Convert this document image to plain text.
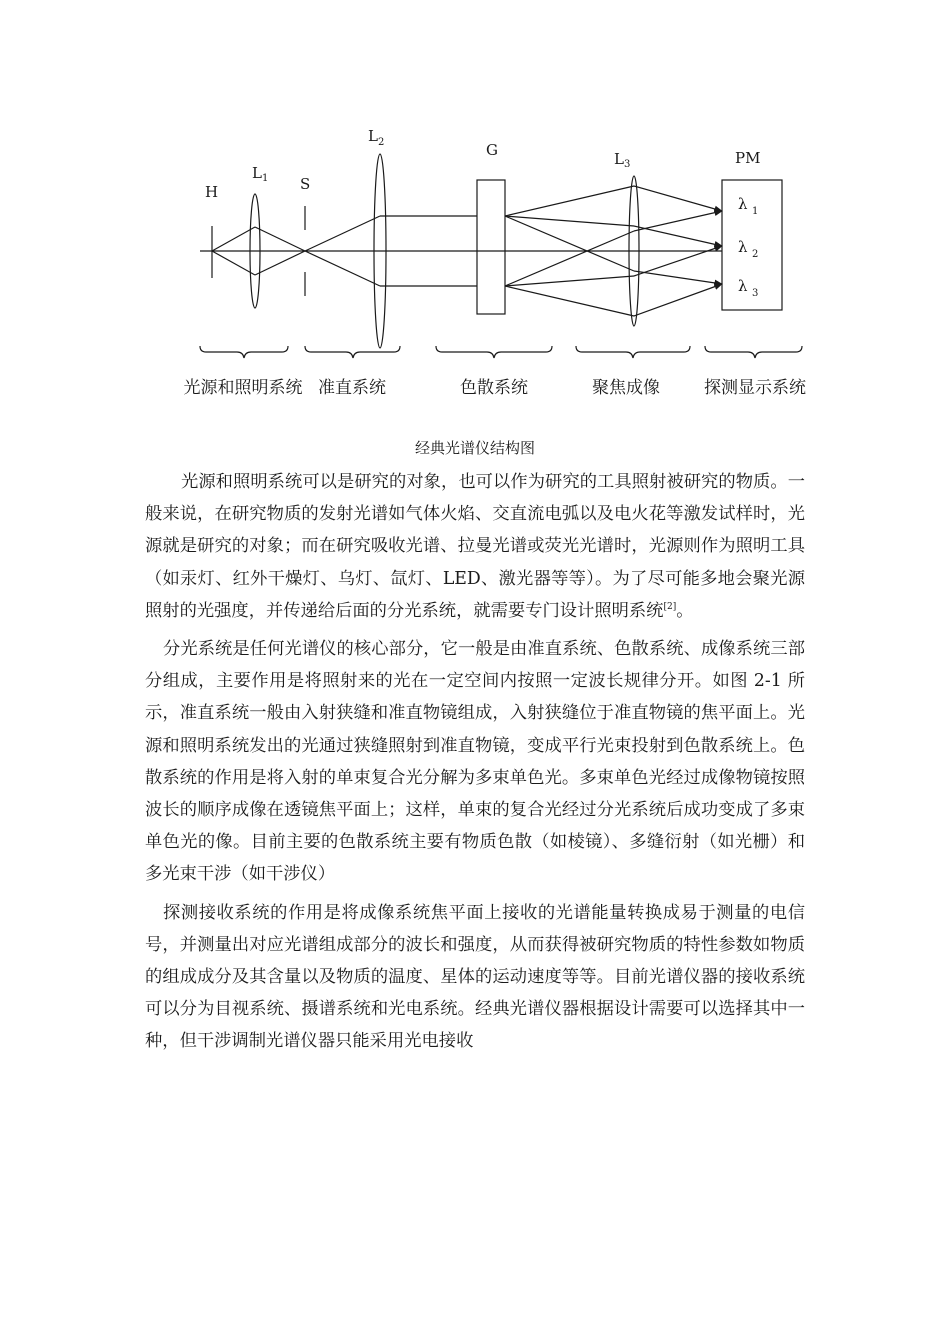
H
L 1 S
L 2	G	L 3	PM
λ 1
λ 2
λ 3
光源和照明系统 准直系统	色散系统	聚焦成像	探测显示系统
经典光谱仪结构图

光源和照明系统可以是研究的对象，也可以作为研究的工具照射被研究的物质。一般来说，在研究物质的发射光谱如气体火焰、交直流电弧以及电火花等激发试样时，光源就是研究的对象；而在研究吸收光谱、拉曼光谱或荧光光谱时，光源则作为照明工具（如汞灯、红外干燥灯、乌灯、氙灯、LED、激光器等等）。为了尽可能多地会聚光源照射的光强度，并传递给后面的分光系统，就需要专门设计照明系统[2]。

分光系统是任何光谱仪的核心部分，它一般是由准直系统、色散系统、成像系统三部分组成，主要作用是将照射来的光在一定空间内按照一定波长规律分开。如图 2-1 所示，准直系统一般由入射狭缝和准直物镜组成，入射狭缝位于准直物镜的焦平面上。光源和照明系统发出的光通过狭缝照射到准直物镜，变成平行光束投射到色散系统上。色散系统的作用是将入射的单束复合光分解为多束单色光。多束单色光经过成像物镜按照波长的顺序成像在透镜焦平面上；这样，单束的复合光经过分光系统后成功变成了多束单色光的像。目前主要的色散系统主要有物质色散（如棱镜）、多缝衍射（如光栅）和多光束干涉（如干涉仪）

探测接收系统的作用是将成像系统焦平面上接收的光谱能量转换成易于测量的电信号，并测量出对应光谱组成部分的波长和强度，从而获得被研究物质的特性参数如物质的组成成分及其含量以及物质的温度、星体的运动速度等等。目前光谱仪器的接收系统可以分为目视系统、摄谱系统和光电系统。经典光谱仪器根据设计需要可以选择其中一种，但干涉调制光谱仪器只能采用光电接收
